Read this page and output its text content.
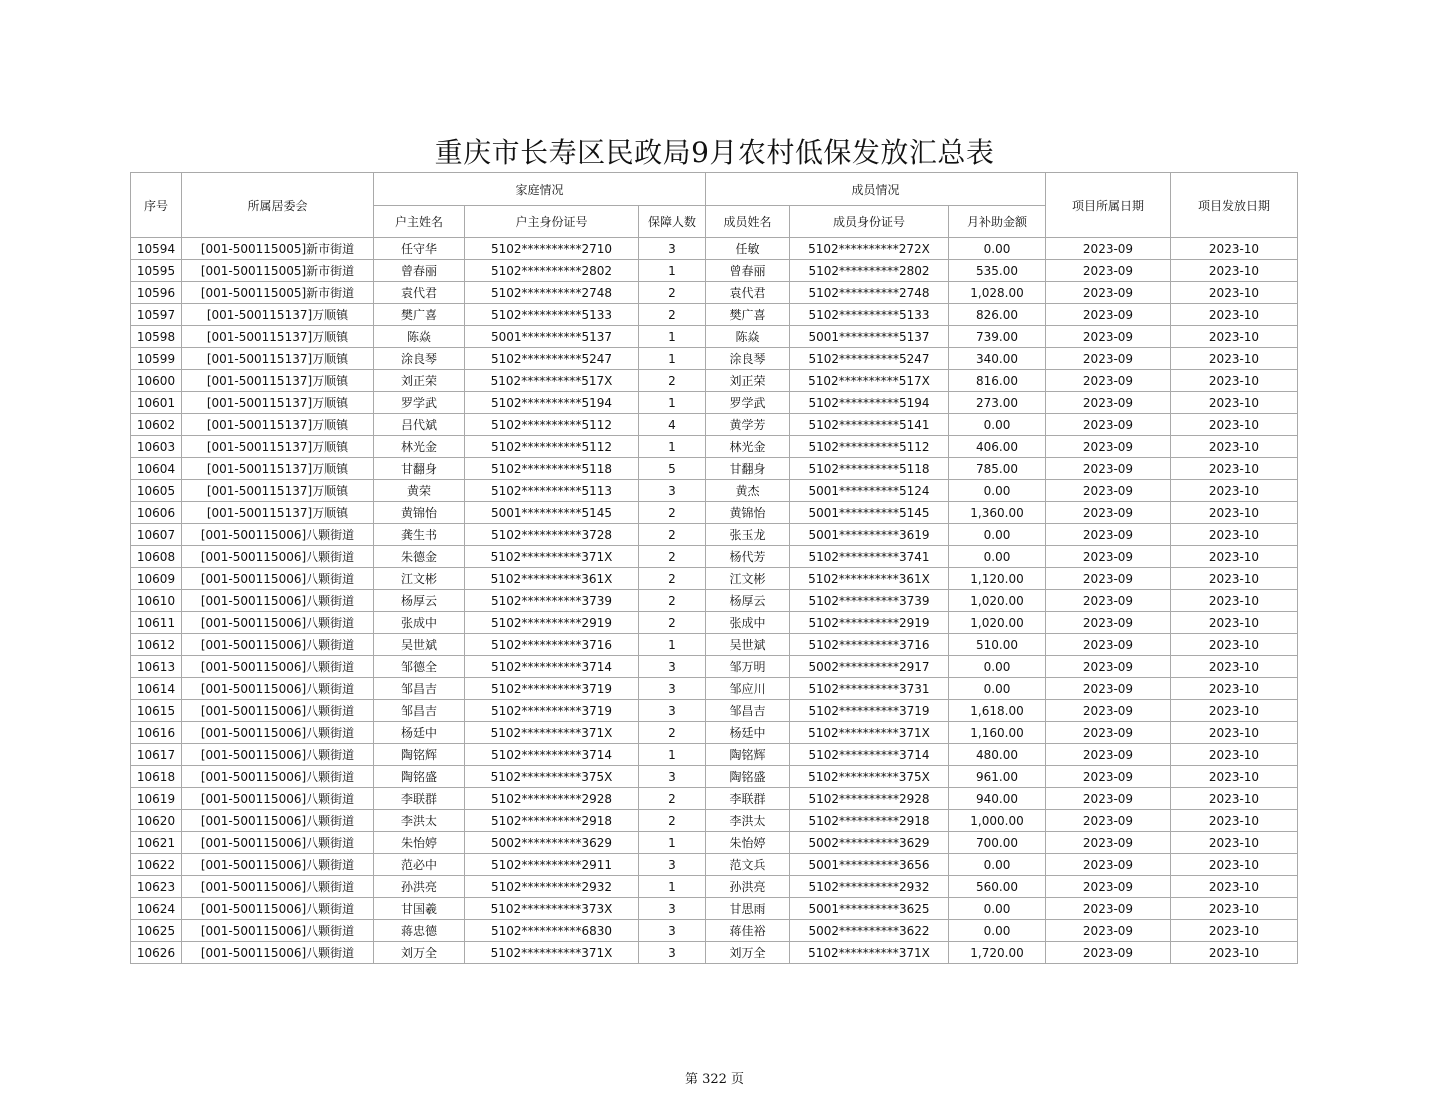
重庆市长寿区民政局9月农村低保发放汇总表
序号	所属居委会	家庭情况			成员情况			项目所属日期	项目发放日期
		户主姓名	户主身份证号	保障人数	成员姓名	成员身份证号	月补助金额		
10594	[001-500115005]新市街道	任守华	5102**********2710	3	任敏	5102**********272X	0.00	2023-09	2023-10
10595	[001-500115005]新市街道	曾春丽	5102**********2802	1	曾春丽	5102**********2802	535.00	2023-09	2023-10
10596	[001-500115005]新市街道	袁代君	5102**********2748	2	袁代君	5102**********2748	1,028.00	2023-09	2023-10
10597	[001-500115137]万顺镇	樊广喜	5102**********5133	2	樊广喜	5102**********5133	826.00	2023-09	2023-10
10598	[001-500115137]万顺镇	陈焱	5001**********5137	1	陈焱	5001**********5137	739.00	2023-09	2023-10
10599	[001-500115137]万顺镇	涂良琴	5102**********5247	1	涂良琴	5102**********5247	340.00	2023-09	2023-10
10600	[001-500115137]万顺镇	刘正荣	5102**********517X	2	刘正荣	5102**********517X	816.00	2023-09	2023-10
10601	[001-500115137]万顺镇	罗学武	5102**********5194	1	罗学武	5102**********5194	273.00	2023-09	2023-10
10602	[001-500115137]万顺镇	吕代斌	5102**********5112	4	黄学芳	5102**********5141	0.00	2023-09	2023-10
10603	[001-500115137]万顺镇	林光金	5102**********5112	1	林光金	5102**********5112	406.00	2023-09	2023-10
10604	[001-500115137]万顺镇	甘翻身	5102**********5118	5	甘翻身	5102**********5118	785.00	2023-09	2023-10
10605	[001-500115137]万顺镇	黄荣	5102**********5113	3	黄杰	5001**********5124	0.00	2023-09	2023-10
10606	[001-500115137]万顺镇	黄锦怡	5001**********5145	2	黄锦怡	5001**********5145	1,360.00	2023-09	2023-10
10607	[001-500115006]八颗街道	龚生书	5102**********3728	2	张玉龙	5001**********3619	0.00	2023-09	2023-10
10608	[001-500115006]八颗街道	朱德金	5102**********371X	2	杨代芳	5102**********3741	0.00	2023-09	2023-10
10609	[001-500115006]八颗街道	江文彬	5102**********361X	2	江文彬	5102**********361X	1,120.00	2023-09	2023-10
10610	[001-500115006]八颗街道	杨厚云	5102**********3739	2	杨厚云	5102**********3739	1,020.00	2023-09	2023-10
10611	[001-500115006]八颗街道	张成中	5102**********2919	2	张成中	5102**********2919	1,020.00	2023-09	2023-10
10612	[001-500115006]八颗街道	吴世斌	5102**********3716	1	吴世斌	5102**********3716	510.00	2023-09	2023-10
10613	[001-500115006]八颗街道	邹德全	5102**********3714	3	邹万明	5002**********2917	0.00	2023-09	2023-10
10614	[001-500115006]八颗街道	邹昌吉	5102**********3719	3	邹应川	5102**********3731	0.00	2023-09	2023-10
10615	[001-500115006]八颗街道	邹昌吉	5102**********3719	3	邹昌吉	5102**********3719	1,618.00	2023-09	2023-10
10616	[001-500115006]八颗街道	杨廷中	5102**********371X	2	杨廷中	5102**********371X	1,160.00	2023-09	2023-10
10617	[001-500115006]八颗街道	陶铭辉	5102**********3714	1	陶铭辉	5102**********3714	480.00	2023-09	2023-10
10618	[001-500115006]八颗街道	陶铭盛	5102**********375X	3	陶铭盛	5102**********375X	961.00	2023-09	2023-10
10619	[001-500115006]八颗街道	李联群	5102**********2928	2	李联群	5102**********2928	940.00	2023-09	2023-10
10620	[001-500115006]八颗街道	李洪太	5102**********2918	2	李洪太	5102**********2918	1,000.00	2023-09	2023-10
10621	[001-500115006]八颗街道	朱怡婷	5002**********3629	1	朱怡婷	5002**********3629	700.00	2023-09	2023-10
10622	[001-500115006]八颗街道	范必中	5102**********2911	3	范文兵	5001**********3656	0.00	2023-09	2023-10
10623	[001-500115006]八颗街道	孙洪亮	5102**********2932	1	孙洪亮	5102**********2932	560.00	2023-09	2023-10
10624	[001-500115006]八颗街道	甘国羲	5102**********373X	3	甘思雨	5001**********3625	0.00	2023-09	2023-10
10625	[001-500115006]八颗街道	蒋忠德	5102**********6830	3	蒋佳裕	5002**********3622	0.00	2023-09	2023-10
10626	[001-500115006]八颗街道	刘万全	5102**********371X	3	刘万全	5102**********371X	1,720.00	2023-09	2023-10
第 322 页
